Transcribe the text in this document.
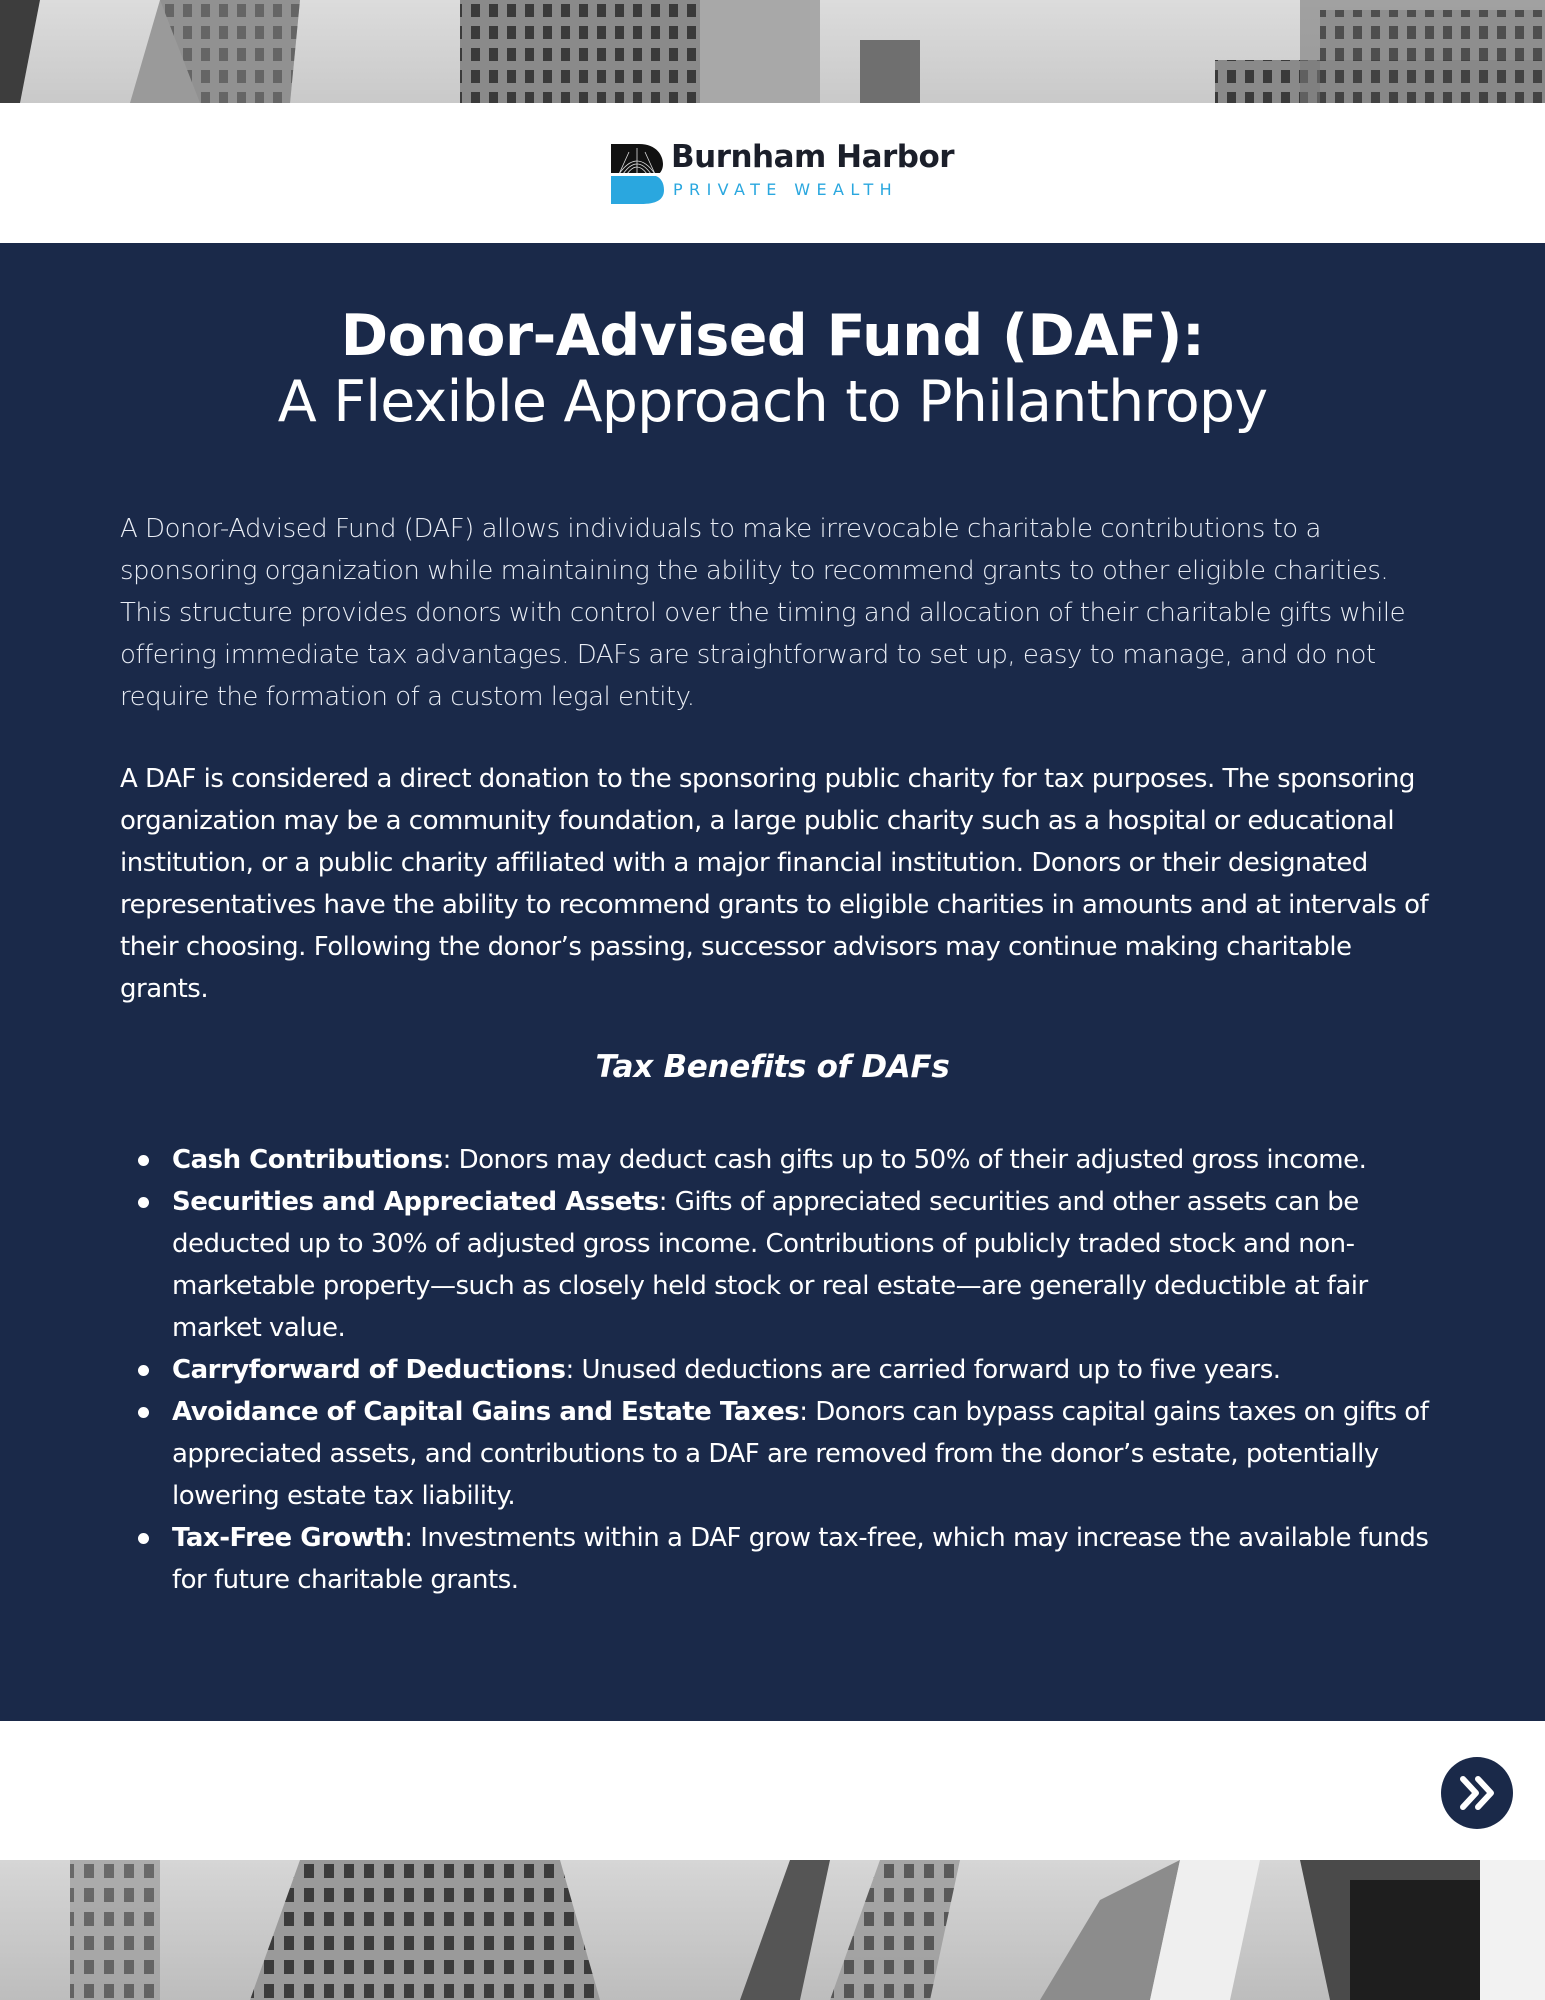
Burnham Harbor
PRIVATE WEALTH
Donor-Advised Fund (DAF):
A Flexible Approach to Philanthropy

A Donor-Advised Fund (DAF) allows individuals to make irrevocable charitable contributions to a sponsoring organization while maintaining the ability to recommend grants to other eligible charities. This structure provides donors with control over the timing and allocation of their charitable gifts while offering immediate tax advantages. DAFs are straightforward to set up, easy to manage, and do not require the formation of a custom legal entity.

A DAF is considered a direct donation to the sponsoring public charity for tax purposes. The sponsoring organization may be a community foundation, a large public charity such as a hospital or educational institution, or a public charity affiliated with a major financial institution. Donors or their designated representatives have the ability to recommend grants to eligible charities in amounts and at intervals of their choosing. Following the donor’s passing, successor advisors may continue making charitable grants.

Tax Benefits of DAFs
Cash Contributions: Donors may deduct cash gifts up to 50% of their adjusted gross income.
Securities and Appreciated Assets: Gifts of appreciated securities and other assets can be deducted up to 30% of adjusted gross income. Contributions of publicly traded stock and non-marketable property—such as closely held stock or real estate—are generally deductible at fair market value.
Carryforward of Deductions: Unused deductions are carried forward up to five years.
Avoidance of Capital Gains and Estate Taxes: Donors can bypass capital gains taxes on gifts of appreciated assets, and contributions to a DAF are removed from the donor’s estate, potentially lowering estate tax liability.
Tax-Free Growth: Investments within a DAF grow tax-free, which may increase the available funds for future charitable grants.
